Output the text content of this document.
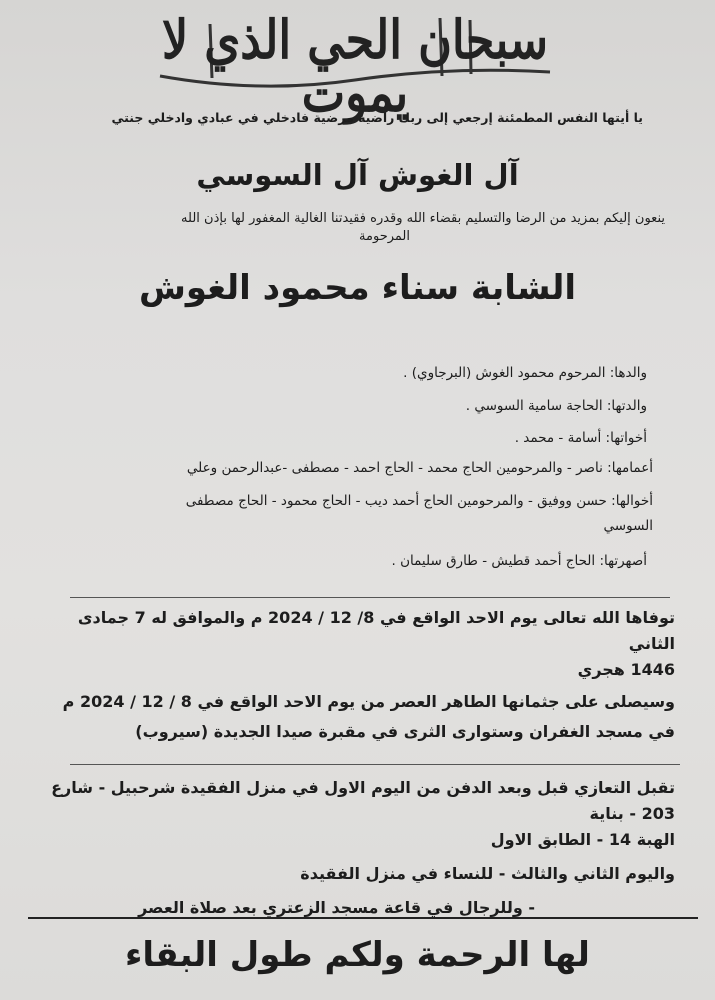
سبحان الحي الذي لا يموت
يا أيتها النفس المطمئنة إرجعي إلى ربك راضية مرضية فادخلي في عبادي وادخلي جنتي
آل الغوش آل السوسي
ينعون إليكم بمزيد من الرضا والتسليم بقضاء الله وقدره فقيدتنا الغالية المغفور لها بإذن الله
المرحومة
الشابة سناء محمود الغوش
والدها: المرحوم محمود الغوش (البرجاوي) .
والدتها: الحاجة سامية السوسي .
أخواتها: أسامة - محمد .
أعمامها: ناصر - والمرحومين الحاج محمد - الحاج احمد - مصطفى -عبدالرحمن وعلي
أخوالها: حسن ووفيق - والمرحومين الحاج أحمد ديب - الحاج محمود - الحاج مصطفى
السوسي
أصهرتها: الحاج أحمد قطيش - طارق سليمان .
توفاها الله تعالى يوم الاحد الواقع في 8/ 12 / 2024 م والموافق له 7 جمادى الثاني
1446 هجري
وسيصلى على جثمانها الطاهر العصر من يوم الاحد الواقع في 8 / 12 / 2024 م
في مسجد الغفران وستوارى الثرى في مقبرة صيدا الجديدة (سيروب)
تقبل التعازي قبل وبعد الدفن من اليوم الاول في منزل الفقيدة شرحبيل - شارع 203 - بناية
الهبة 14 - الطابق الاول
واليوم الثاني والثالث - للنساء في منزل الفقيدة
- وللرجال في قاعة مسجد الزعتري بعد صلاة العصر
لها الرحمة ولكم طول البقاء
